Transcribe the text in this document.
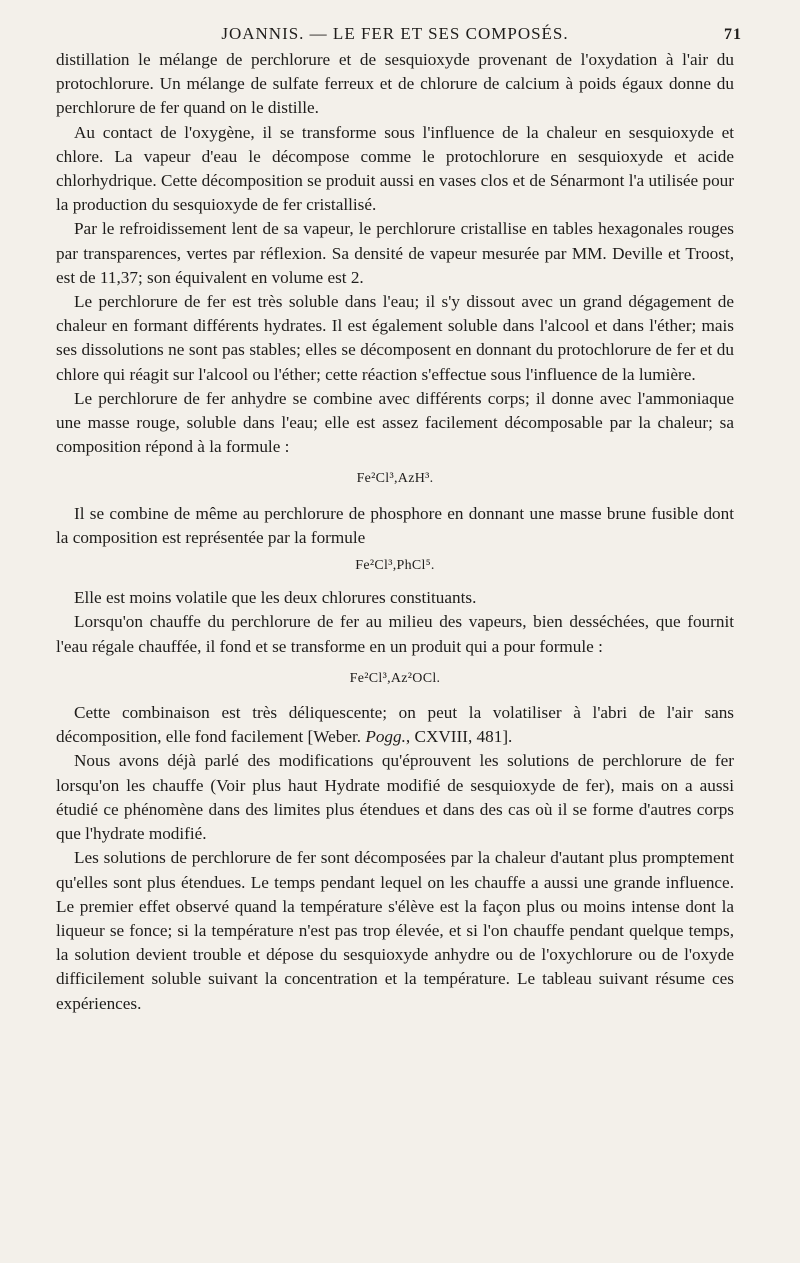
JOANNIS. — LE FER ET SES COMPOSÉS.	71

distillation le mélange de perchlorure et de sesquioxyde provenant de l'oxydation à l'air du protochlorure. Un mélange de sulfate ferreux et de chlorure de calcium à poids égaux donne du perchlorure de fer quand on le distille.

Au contact de l'oxygène, il se transforme sous l'influence de la chaleur en sesquioxyde et chlore. La vapeur d'eau le décompose comme le protochlorure en sesquioxyde et acide chlorhydrique. Cette décomposition se produit aussi en vases clos et de Sénarmont l'a utilisée pour la production du sesquioxyde de fer cristallisé.

Par le refroidissement lent de sa vapeur, le perchlorure cristallise en tables hexagonales rouges par transparences, vertes par réflexion. Sa densité de vapeur mesurée par MM. Deville et Troost, est de 11,37; son équivalent en volume est 2.

Le perchlorure de fer est très soluble dans l'eau; il s'y dissout avec un grand dégagement de chaleur en formant différents hydrates. Il est également soluble dans l'alcool et dans l'éther; mais ses dissolutions ne sont pas stables; elles se décomposent en donnant du protochlorure de fer et du chlore qui réagit sur l'alcool ou l'éther; cette réaction s'effectue sous l'influence de la lumière.

Le perchlorure de fer anhydre se combine avec différents corps; il donne avec l'ammoniaque une masse rouge, soluble dans l'eau; elle est assez facilement décomposable par la chaleur; sa composition répond à la formule :

Fe²Cl³,AzH³.

Il se combine de même au perchlorure de phosphore en donnant une masse brune fusible dont la composition est représentée par la formule

Fe²Cl³,PhCl⁵.

Elle est moins volatile que les deux chlorures constituants.

Lorsqu'on chauffe du perchlorure de fer au milieu des vapeurs, bien desséchées, que fournit l'eau régale chauffée, il fond et se transforme en un produit qui a pour formule :

Fe²Cl³,Az²OCl.

Cette combinaison est très déliquescente; on peut la volatiliser à l'abri de l'air sans décomposition, elle fond facilement [Weber. Pogg., CXVIII, 481].

Nous avons déjà parlé des modifications qu'éprouvent les solutions de perchlorure de fer lorsqu'on les chauffe (Voir plus haut Hydrate modifié de sesquioxyde de fer), mais on a aussi étudié ce phénomène dans des limites plus étendues et dans des cas où il se forme d'autres corps que l'hydrate modifié.

Les solutions de perchlorure de fer sont décomposées par la chaleur d'autant plus promptement qu'elles sont plus étendues. Le temps pendant lequel on les chauffe a aussi une grande influence. Le premier effet observé quand la température s'élève est la façon plus ou moins intense dont la liqueur se fonce; si la température n'est pas trop élevée, et si l'on chauffe pendant quelque temps, la solution devient trouble et dépose du sesquioxyde anhydre ou de l'oxychlorure ou de l'oxyde difficilement soluble suivant la concentration et la température. Le tableau suivant résume ces expériences.
